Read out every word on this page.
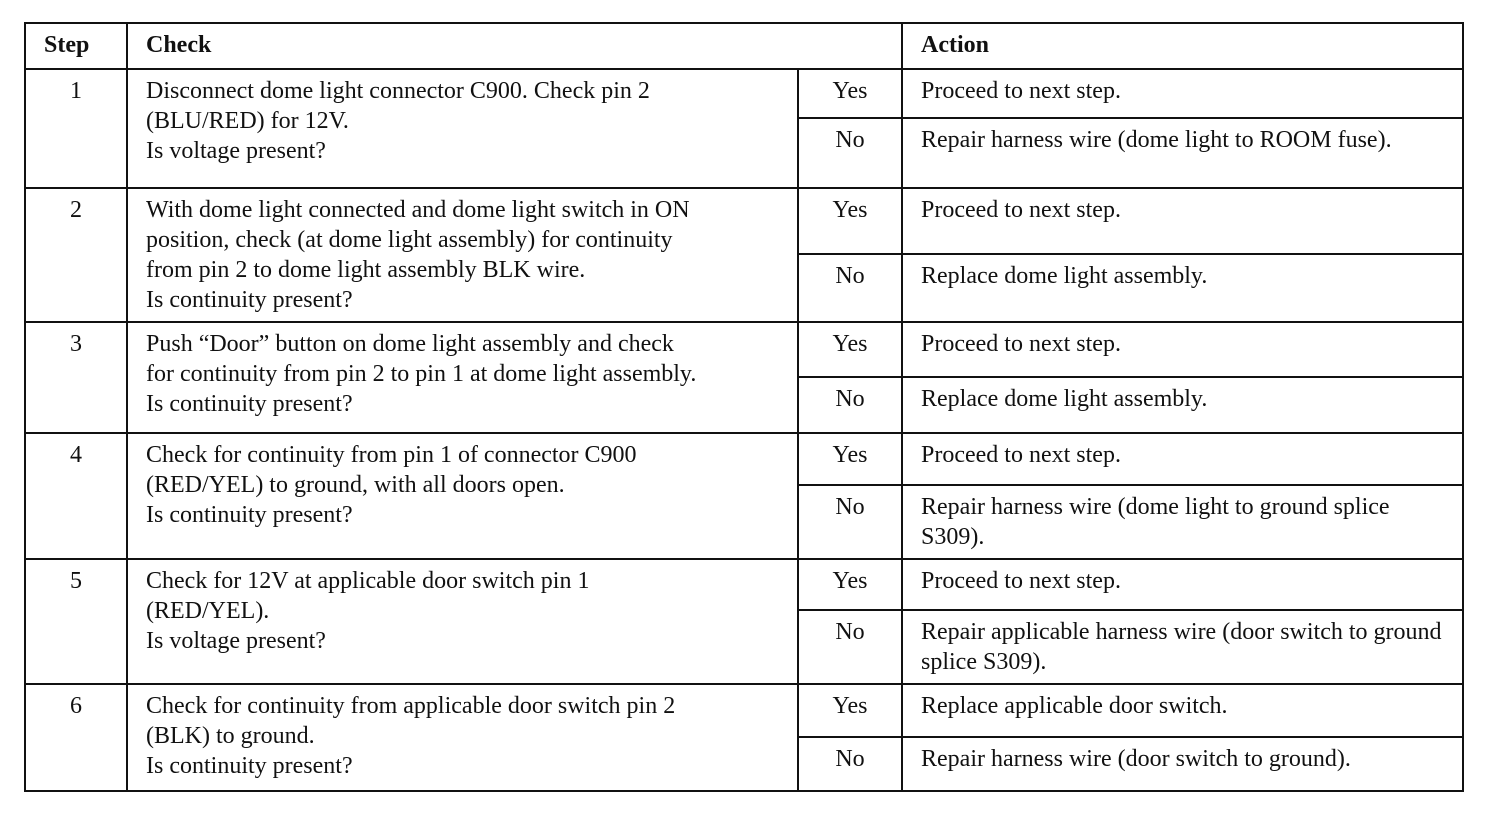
Step	Check		Action
1	Disconnect dome light connector C900. Check pin 2
(BLU/RED) for 12V.
Is voltage present?	Yes	Proceed to next step.
		No	Repair harness wire (dome light to ROOM fuse).
2	With dome light connected and dome light switch in ON
position, check (at dome light assembly) for continuity
from pin 2 to dome light assembly BLK wire.
Is continuity present?	Yes	Proceed to next step.
		No	Replace dome light assembly.
3	Push “Door” button on dome light assembly and check
for continuity from pin 2 to pin 1 at dome light assembly.
Is continuity present?	Yes	Proceed to next step.
		No	Replace dome light assembly.
4	Check for continuity from pin 1 of connector C900
(RED/YEL) to ground, with all doors open.
Is continuity present?	Yes	Proceed to next step.
		No	Repair harness wire (dome light to ground splice S309).
5	Check for 12V at applicable door switch pin 1
(RED/YEL).
Is voltage present?	Yes	Proceed to next step.
		No	Repair applicable harness wire (door switch to ground splice S309).
6	Check for continuity from applicable door switch pin 2
(BLK) to ground.
Is continuity present?	Yes	Replace applicable door switch.
		No	Repair harness wire (door switch to ground).
